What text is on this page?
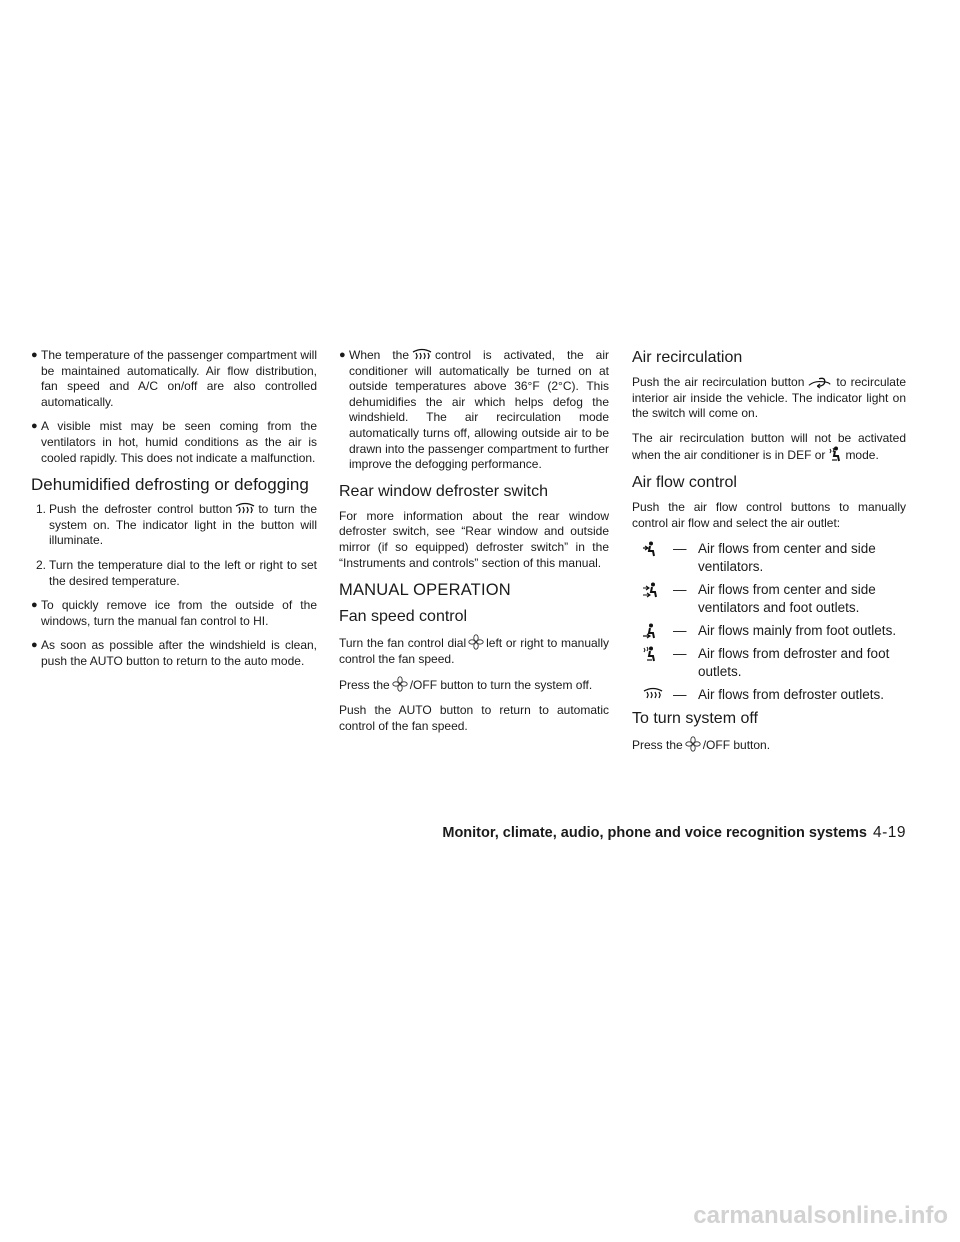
● The temperature of the passenger compartment will be maintained automatically. Air flow distribution, fan speed and A/C on/off are also controlled automatically.

● A visible mist may be seen coming from the ventilators in hot, humid conditions as the air is cooled rapidly. This does not indicate a malfunction.

Dehumidified defrosting or defogging

1. Push the defroster control button to turn the system on. The indicator light in the button will illuminate.

2. Turn the temperature dial to the left or right to set the desired temperature.

● To quickly remove ice from the outside of the windows, turn the manual fan control to HI.

● As soon as possible after the windshield is clean, push the AUTO button to return to the auto mode.

● When the control is activated, the air conditioner will automatically be turned on at outside temperatures above 36°F (2°C). This dehumidifies the air which helps defog the windshield. The air recirculation mode automatically turns off, allowing outside air to be drawn into the passenger compartment to further improve the defogging performance.

Rear window defroster switch

For more information about the rear window defroster switch, see “Rear window and outside mirror (if so equipped) defroster switch” in the “Instruments and controls” section of this manual.

MANUAL OPERATION
Fan speed control

Turn the fan control dial left or right to manually control the fan speed.

Press the /OFF button to turn the system off.

Push the AUTO button to return to automatic control of the fan speed.

Air recirculation

Push the air recirculation button	to recirculate interior air inside the vehicle. The indicator light on the switch will come on.

The air recirculation button will not be activated when the air conditioner is in DEF or mode.

Air flow control

Push the air flow control buttons to manually control air flow and select the air outlet:

— Air flows from center and side ventilators.
— Air flows from center and side ventilators and foot outlets.
— Air flows mainly from foot outlets.
— Air flows from defroster and foot outlets.
— Air flows from defroster outlets.
To turn system off

Press the /OFF button.

Monitor, climate, audio, phone and voice recognition systems 4-19
carmanualsonline.info
